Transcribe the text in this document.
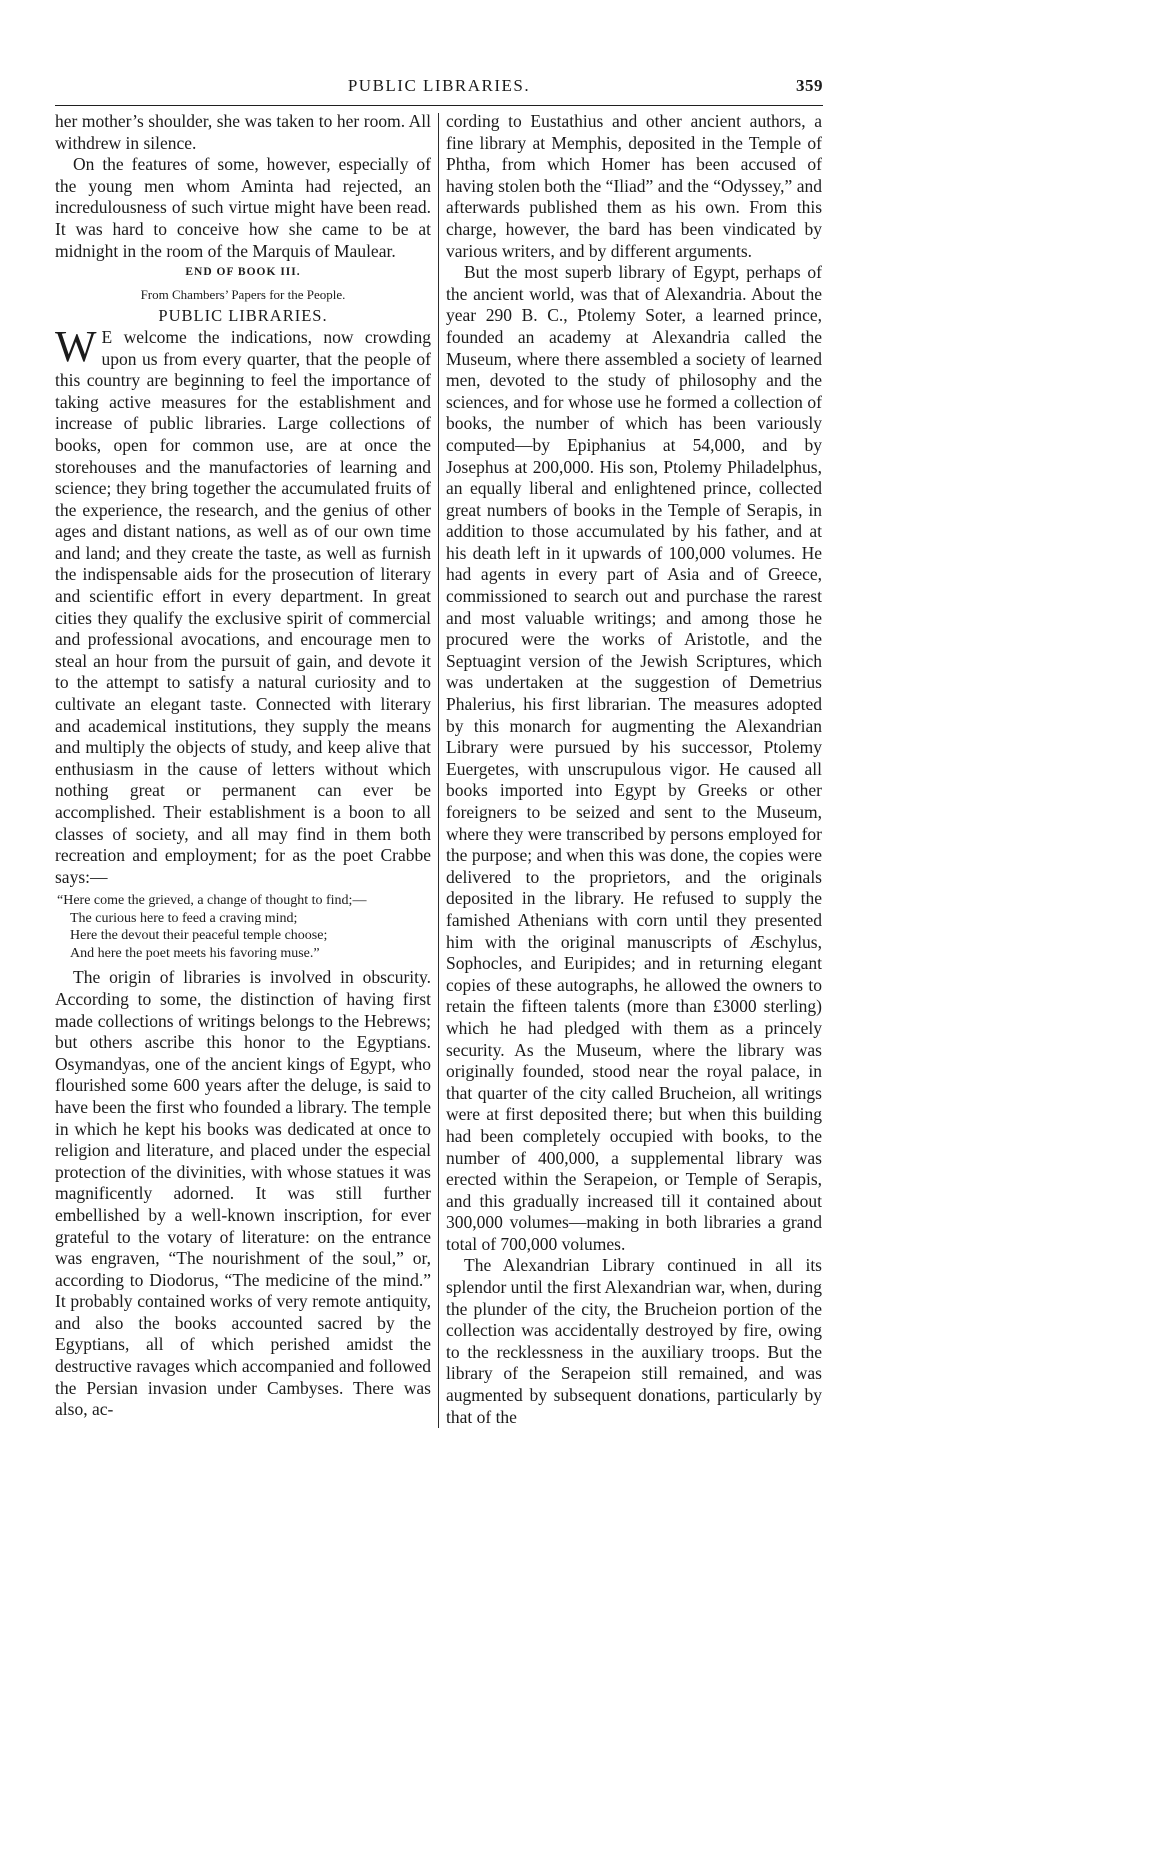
PUBLIC LIBRARIES.	359

her mother’s shoulder, she was taken to her room. All withdrew in silence.

On the features of some, however, especially of the young men whom Aminta had rejected, an incredulousness of such virtue might have been read. It was hard to conceive how she came to be at midnight in the room of the Marquis of Maulear.

END OF BOOK III.

From Chambers’ Papers for the People.

PUBLIC LIBRARIES.

W E welcome the indications, now crowding upon us from every quarter, that the people of this country are beginning to feel the importance of taking active measures for the establishment and increase of public libraries. Large collections of books, open for common use, are at once the storehouses and the manufactories of learning and science; they bring together the accumulated fruits of the experience, the research, and the genius of other ages and distant nations, as well as of our own time and land; and they create the taste, as well as furnish the indispensable aids for the prosecution of literary and scientific effort in every department. In great cities they qualify the exclusive spirit of commercial and professional avocations, and encourage men to steal an hour from the pursuit of gain, and devote it to the attempt to satisfy a natural curiosity and to cultivate an elegant taste. Connected with literary and academical institutions, they supply the means and multiply the objects of study, and keep alive that enthusiasm in the cause of letters without which nothing great or permanent can ever be accomplished. Their establishment is a boon to all classes of society, and all may find in them both recreation and employment; for as the poet Crabbe says:—

“Here come the grieved, a change of thought to find;—
The curious here to feed a craving mind;
Here the devout their peaceful temple choose;
And here the poet meets his favoring muse.”

The origin of libraries is involved in obscurity. According to some, the distinction of having first made collections of writings belongs to the Hebrews; but others ascribe this honor to the Egyptians. Osymandyas, one of the ancient kings of Egypt, who flourished some 600 years after the deluge, is said to have been the first who founded a library. The temple in which he kept his books was dedicated at once to religion and literature, and placed under the especial protection of the divinities, with whose statues it was magnificently adorned. It was still further embellished by a well-known inscription, for ever grateful to the votary of literature: on the entrance was engraven, “The nourishment of the soul,” or, according to Diodorus, “The medicine of the mind.” It probably contained works of very remote antiquity, and also the books accounted sacred by the Egyptians, all of which perished amidst the destructive ravages which accompanied and followed the Persian invasion under Cambyses. There was also, ac-

cording to Eustathius and other ancient authors, a fine library at Memphis, deposited in the Temple of Phtha, from which Homer has been accused of having stolen both the “Iliad” and the “Odyssey,” and afterwards published them as his own. From this charge, however, the bard has been vindicated by various writers, and by different arguments.

But the most superb library of Egypt, perhaps of the ancient world, was that of Alexandria. About the year 290 B. C., Ptolemy Soter, a learned prince, founded an academy at Alexandria called the Museum, where there assembled a society of learned men, devoted to the study of philosophy and the sciences, and for whose use he formed a collection of books, the number of which has been variously computed—by Epiphanius at 54,000, and by Josephus at 200,000. His son, Ptolemy Philadelphus, an equally liberal and enlightened prince, collected great numbers of books in the Temple of Serapis, in addition to those accumulated by his father, and at his death left in it upwards of 100,000 volumes. He had agents in every part of Asia and of Greece, commissioned to search out and purchase the rarest and most valuable writings; and among those he procured were the works of Aristotle, and the Septuagint version of the Jewish Scriptures, which was undertaken at the suggestion of Demetrius Phalerius, his first librarian. The measures adopted by this monarch for augmenting the Alexandrian Library were pursued by his successor, Ptolemy Euergetes, with unscrupulous vigor. He caused all books imported into Egypt by Greeks or other foreigners to be seized and sent to the Museum, where they were transcribed by persons employed for the purpose; and when this was done, the copies were delivered to the proprietors, and the originals deposited in the library. He refused to supply the famished Athenians with corn until they presented him with the original manuscripts of Æschylus, Sophocles, and Euripides; and in returning elegant copies of these autographs, he allowed the owners to retain the fifteen talents (more than £3000 sterling) which he had pledged with them as a princely security. As the Museum, where the library was originally founded, stood near the royal palace, in that quarter of the city called Brucheion, all writings were at first deposited there; but when this building had been completely occupied with books, to the number of 400,000, a supplemental library was erected within the Serapeion, or Temple of Serapis, and this gradually increased till it contained about 300,000 volumes—making in both libraries a grand total of 700,000 volumes.

The Alexandrian Library continued in all its splendor until the first Alexandrian war, when, during the plunder of the city, the Brucheion portion of the collection was accidentally destroyed by fire, owing to the recklessness in the auxiliary troops. But the library of the Serapeion still remained, and was augmented by subsequent donations, particularly by that of the
